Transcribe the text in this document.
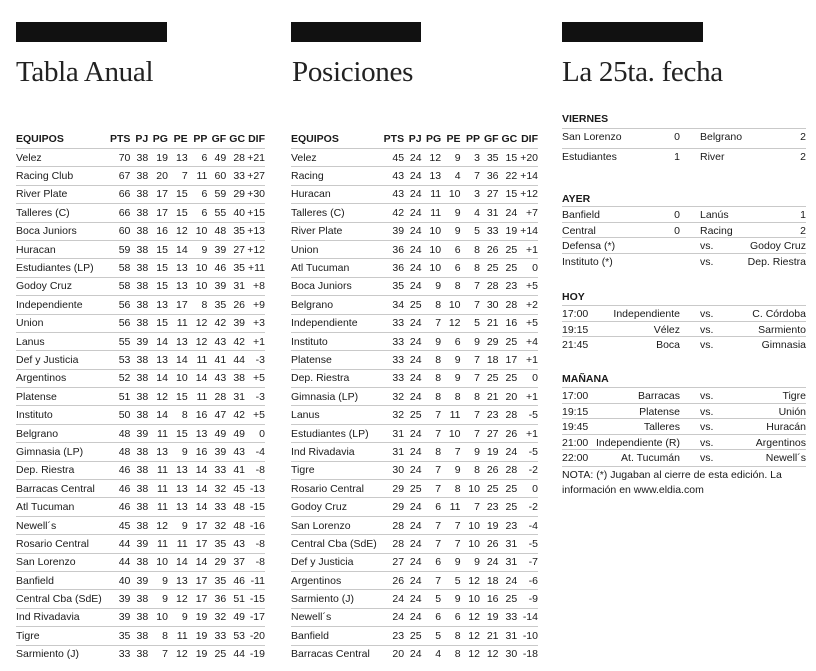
Tabla Anual
EQUIPOS	PTS	PJ	PG	PE	PP	GF	GC	DIF
Velez	70	38	19	13	6	49	28	+21
Racing Club	67	38	20	7	11	60	33	+27
River Plate	66	38	17	15	6	59	29	+30
Talleres (C)	66	38	17	15	6	55	40	+15
Boca Juniors	60	38	16	12	10	48	35	+13
Huracan	59	38	15	14	9	39	27	+12
Estudiantes (LP)	58	38	15	13	10	46	35	+11
Godoy Cruz	58	38	15	13	10	39	31	+8
Independiente	56	38	13	17	8	35	26	+9
Union	56	38	15	11	12	42	39	+3
Lanus	55	39	14	13	12	43	42	+1
Def y Justicia	53	38	13	14	11	41	44	-3
Argentinos	52	38	14	10	14	43	38	+5
Platense	51	38	12	15	11	28	31	-3
Instituto	50	38	14	8	16	47	42	+5
Belgrano	48	39	11	15	13	49	49	0
Gimnasia (LP)	48	38	13	9	16	39	43	-4
Dep. Riestra	46	38	11	13	14	33	41	-8
Barracas Central	46	38	11	13	14	32	45	-13
Atl Tucuman	46	38	11	13	14	33	48	-15
Newell´s	45	38	12	9	17	32	48	-16
Rosario Central	44	39	11	11	17	35	43	-8
San Lorenzo	44	38	10	14	14	29	37	-8
Banfield	40	39	9	13	17	35	46	-11
Central Cba (SdE)	39	38	9	12	17	36	51	-15
Ind Rivadavia	39	38	10	9	19	32	49	-17
Tigre	35	38	8	11	19	33	53	-20
Sarmiento (J)	33	38	7	12	19	25	44	-19
Posiciones
EQUIPOS	PTS	PJ	PG	PE	PP	GF	GC	DIF
Velez	45	24	12	9	3	35	15	+20
Racing	43	24	13	4	7	36	22	+14
Huracan	43	24	11	10	3	27	15	+12
Talleres (C)	42	24	11	9	4	31	24	+7
River Plate	39	24	10	9	5	33	19	+14
Union	36	24	10	6	8	26	25	+1
Atl Tucuman	36	24	10	6	8	25	25	0
Boca Juniors	35	24	9	8	7	28	23	+5
Belgrano	34	25	8	10	7	30	28	+2
Independiente	33	24	7	12	5	21	16	+5
Instituto	33	24	9	6	9	29	25	+4
Platense	33	24	8	9	7	18	17	+1
Dep. Riestra	33	24	8	9	7	25	25	0
Gimnasia (LP)	32	24	8	8	8	21	20	+1
Lanus	32	25	7	11	7	23	28	-5
Estudiantes (LP)	31	24	7	10	7	27	26	+1
Ind Rivadavia	31	24	8	7	9	19	24	-5
Tigre	30	24	7	9	8	26	28	-2
Rosario Central	29	25	7	8	10	25	25	0
Godoy Cruz	29	24	6	11	7	23	25	-2
San Lorenzo	28	24	7	7	10	19	23	-4
Central Cba (SdE)	28	24	7	7	10	26	31	-5
Def y Justicia	27	24	6	9	9	24	31	-7
Argentinos	26	24	7	5	12	18	24	-6
Sarmiento (J)	24	24	5	9	10	16	25	-9
Newell´s	24	24	6	6	12	19	33	-14
Banfield	23	25	5	8	12	21	31	-10
Barracas Central	20	24	4	8	12	12	30	-18
La 25ta. fecha
VIERNES
San Lorenzo	0 Belgrano	2
Estudiantes	1 River	2
AYER
Banfield	0 Lanús	1
Central	0 Racing	2
Defensa (*)	vs.	Godoy Cruz
Instituto (*)	vs.	Dep. Riestra
HOY
17:00	Independiente vs.	C. Córdoba
19:15	Vélez vs.	Sarmiento
21:45	Boca vs.	Gimnasia
MAÑANA
17:00	Barracas vs.	Tigre
19:15	Platense vs.	Unión
19:45	Talleres vs.	Huracán
21:00 Independiente (R) vs.	Argentinos
22:00	At. Tucumán vs.	Newell´s
NOTA: (*) Jugaban al cierre de esta edición. La información en www.eldia.com
